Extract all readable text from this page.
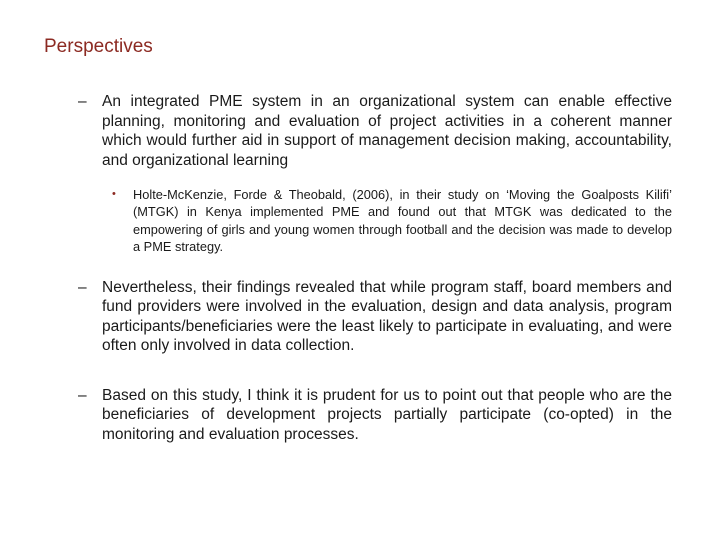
Perspectives
– An integrated PME system in an organizational system can enable effective planning, monitoring and evaluation of project activities in a coherent manner which would further aid in support of management decision making, accountability, and organizational learning
• Holte-McKenzie, Forde & Theobald, (2006), in their study on ‘Moving the Goalposts Kilifi’ (MTGK) in Kenya implemented PME and found out that MTGK was dedicated to the empowering of girls and young women through football and the decision was made to develop a PME strategy.
– Nevertheless, their findings revealed that while program staff, board members and fund providers were involved in the evaluation, design and data analysis, program participants/beneficiaries were the least likely to participate in evaluating, and were often only involved in data collection.
– Based on this study, I think it is prudent for us to point out that people who are the beneficiaries of development projects partially participate (co-opted) in the monitoring and evaluation processes.
